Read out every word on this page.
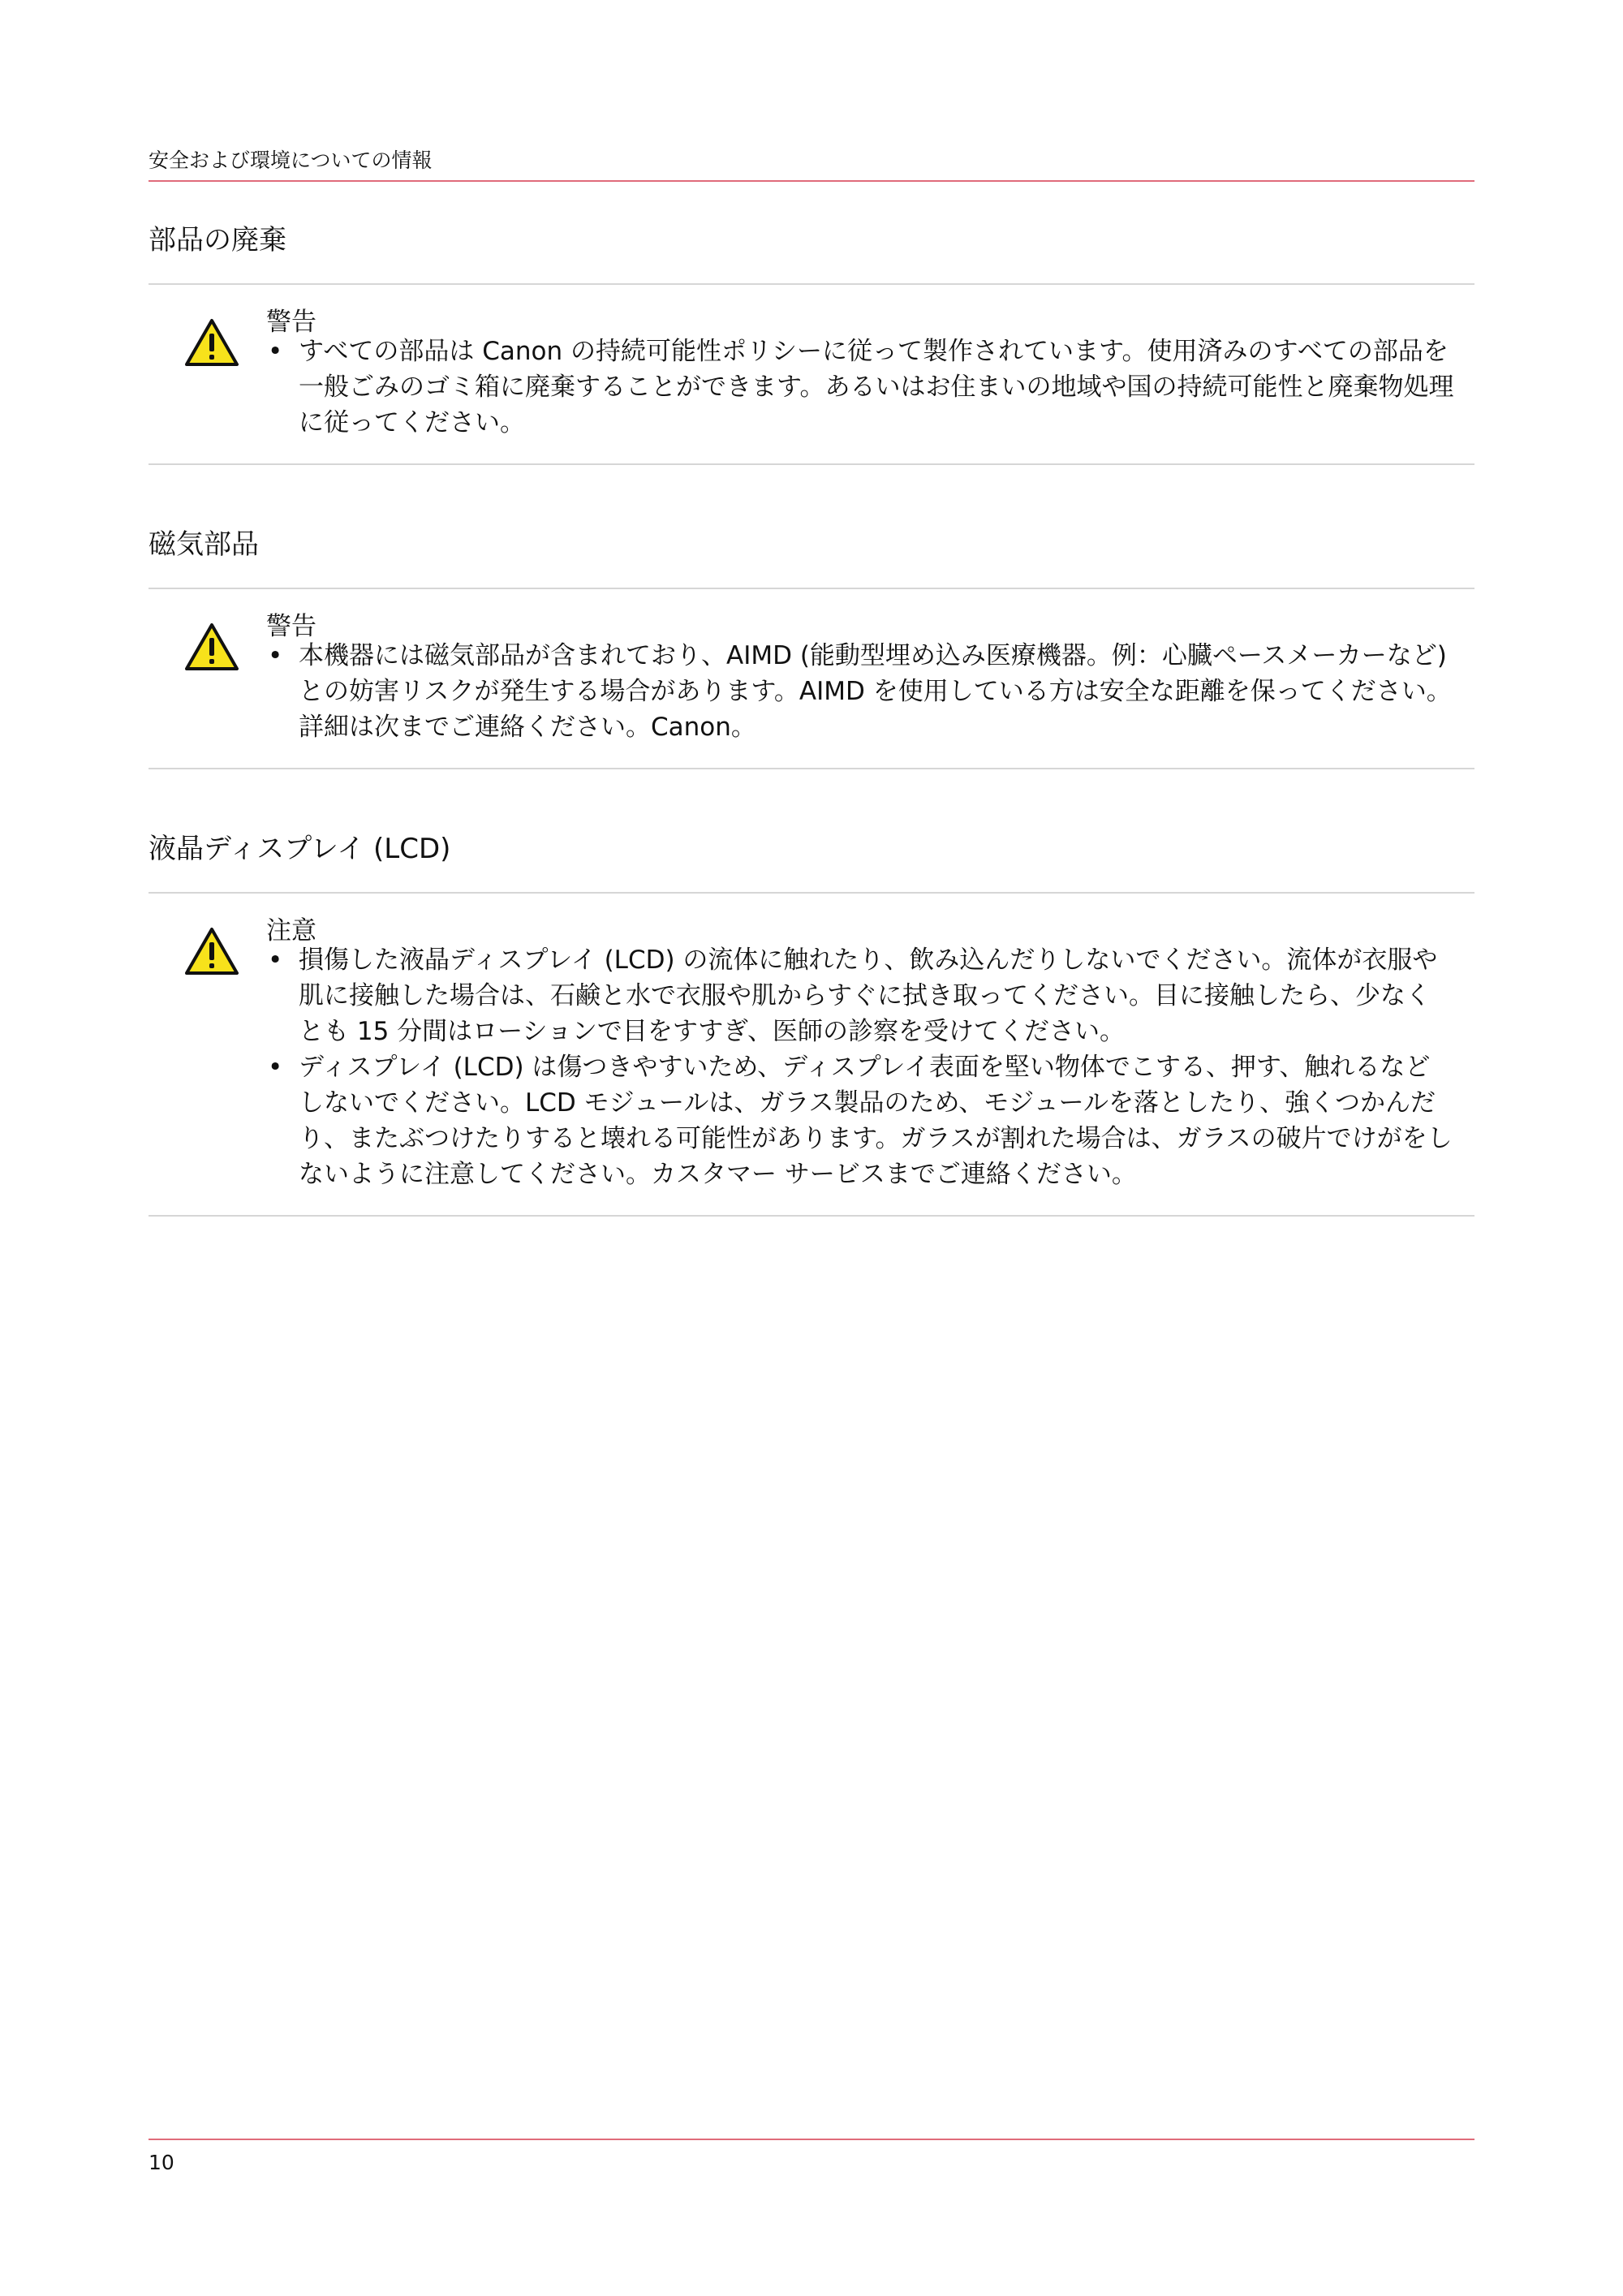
安全および環境についての情報
部品の廃棄
警告
• すべての部品は Canon の持続可能性ポリシーに従って製作されています。使用済みのすべての部品を一般ごみのゴミ箱に廃棄することができます。あるいはお住まいの地域や国の持続可能性と廃棄物処理に従ってください。
磁気部品
警告
• 本機器には磁気部品が含まれており、AIMD (能動型埋め込み医療機器。例：心臓ペースメーカーなど) との妨害リスクが発生する場合があります。AIMD を使用している方は安全な距離を保ってください。詳細は次までご連絡ください。Canon。
液晶ディスプレイ (LCD)
注意
• 損傷した液晶ディスプレイ (LCD) の流体に触れたり、飲み込んだりしないでください。流体が衣服や肌に接触した場合は、石鹸と水で衣服や肌からすぐに拭き取ってください。目に接触したら、少なくとも 15 分間はローションで目をすすぎ、医師の診察を受けてください。
• ディスプレイ (LCD) は傷つきやすいため、ディスプレイ表面を堅い物体でこする、押す、触れるなどしないでください。LCD モジュールは、ガラス製品のため、モジュールを落としたり、強くつかんだり、またぶつけたりすると壊れる可能性があります。ガラスが割れた場合は、ガラスの破片でけがをしないように注意してください。カスタマー サービスまでご連絡ください。
10
